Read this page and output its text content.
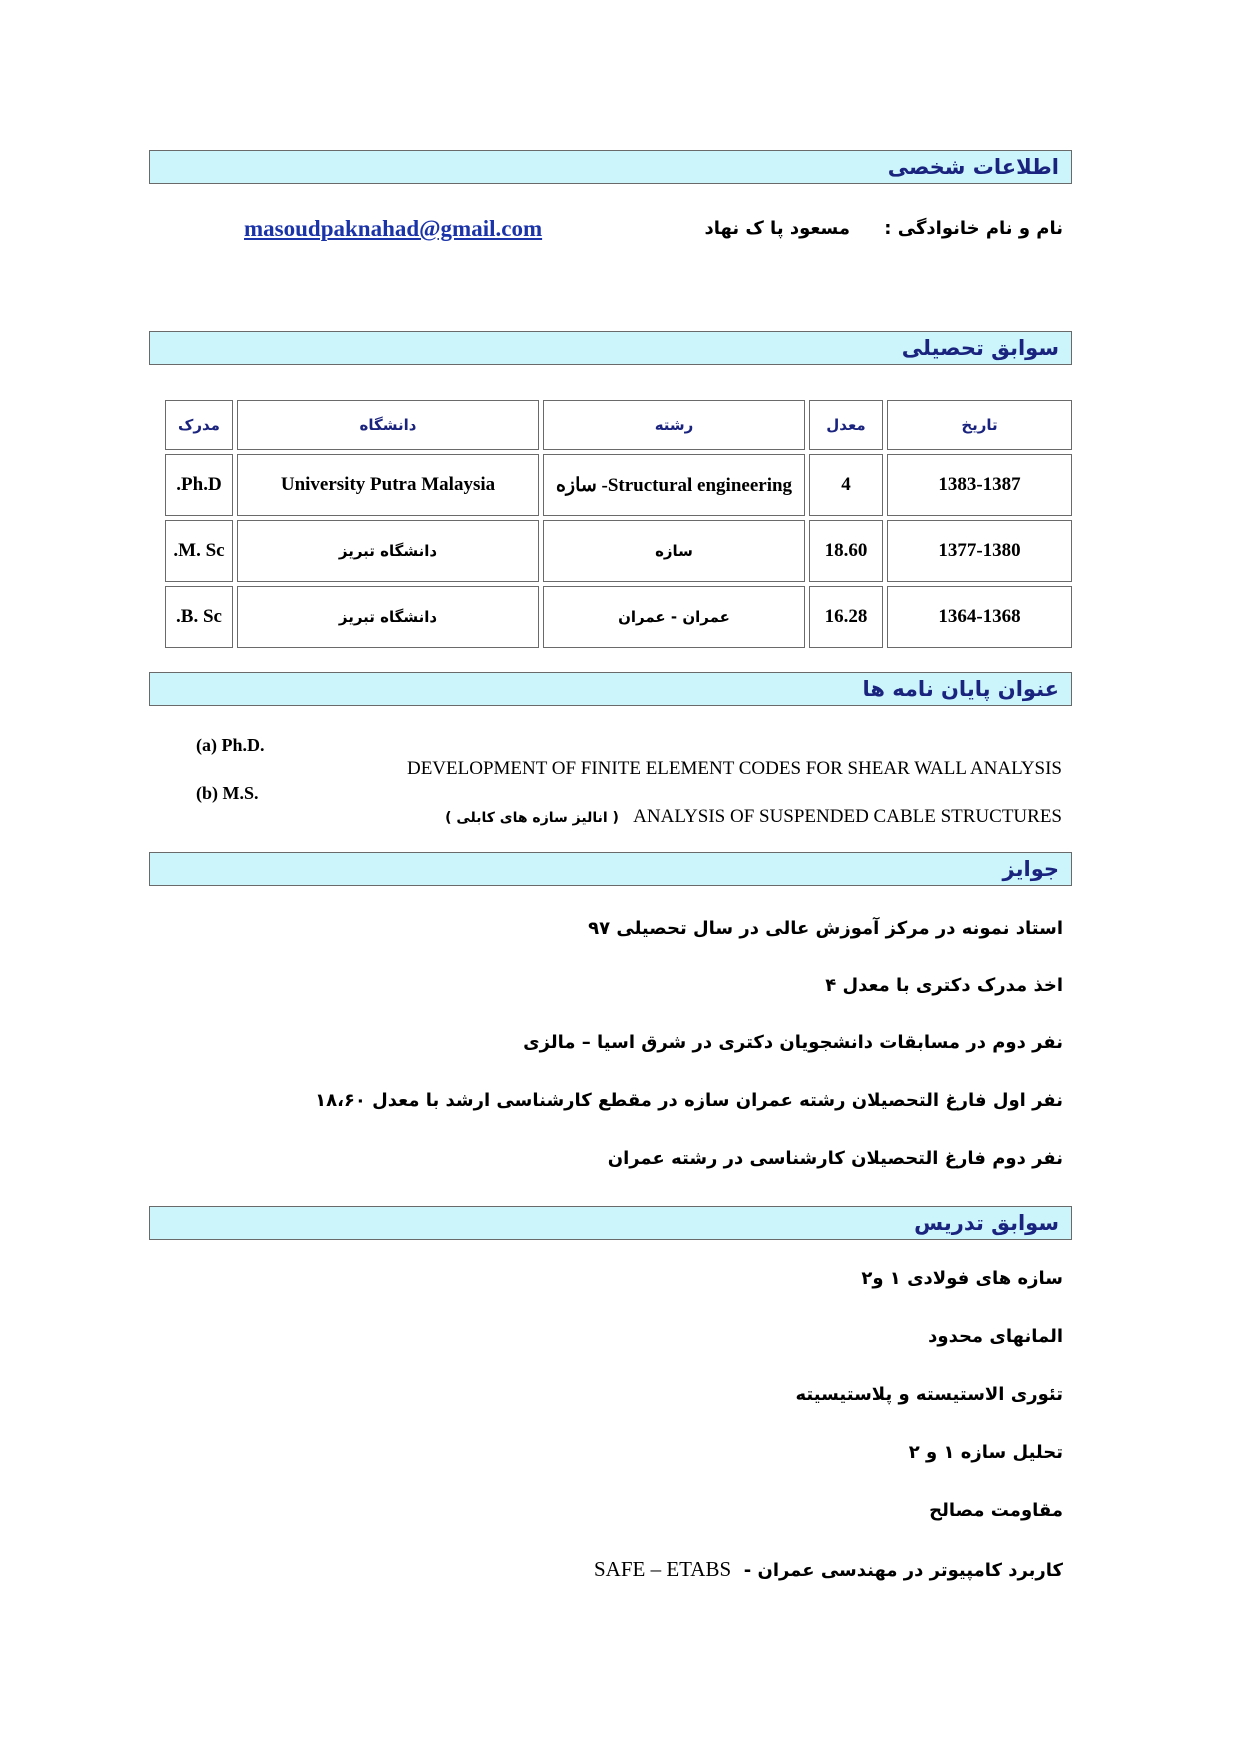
اطلاعات شخصی
نام و نام خانوادگی : مسعود پا ک نهاد
masoudpaknahad@gmail.com
سوابق تحصیلی
تاریخ	معدل	رشته	دانشگاه	مدرک
1383-1387	4	Structural engineering- سازه	University Putra Malaysia	Ph.D.
1377-1380	18.60	سازه	دانشگاه تبریز	M. Sc.
1364-1368	16.28	عمران - عمران	دانشگاه تبریز	B. Sc.
عنوان پایان نامه ها
(a) Ph.D.
DEVELOPMENT OF FINITE ELEMENT CODES FOR SHEAR WALL ANALYSIS
(b) M.S.
( انالیز سازه های کابلی ) ANALYSIS OF SUSPENDED CABLE STRUCTURES
جوایز
استاد نمونه در مرکز آموزش عالی در سال تحصیلی ۹۷
اخذ مدرک دکتری با معدل ۴
نفر دوم در مسابقات دانشجویان دکتری در شرق اسیا – مالزی
نفر اول فارغ التحصیلان رشته عمران سازه در مقطع کارشناسی ارشد با معدل ۱۸،۶۰
نفر دوم فارغ التحصیلان کارشناسی در رشته عمران
سوابق تدریس
سازه های فولادی ۱ و۲
المانهای محدود
تئوری الاستیسته و پلاستیسیته
تحلیل سازه ۱ و ۲
مقاومت مصالح
کاربرد کامپیوتر در مهندسی عمران -  SAFE – ETABS
